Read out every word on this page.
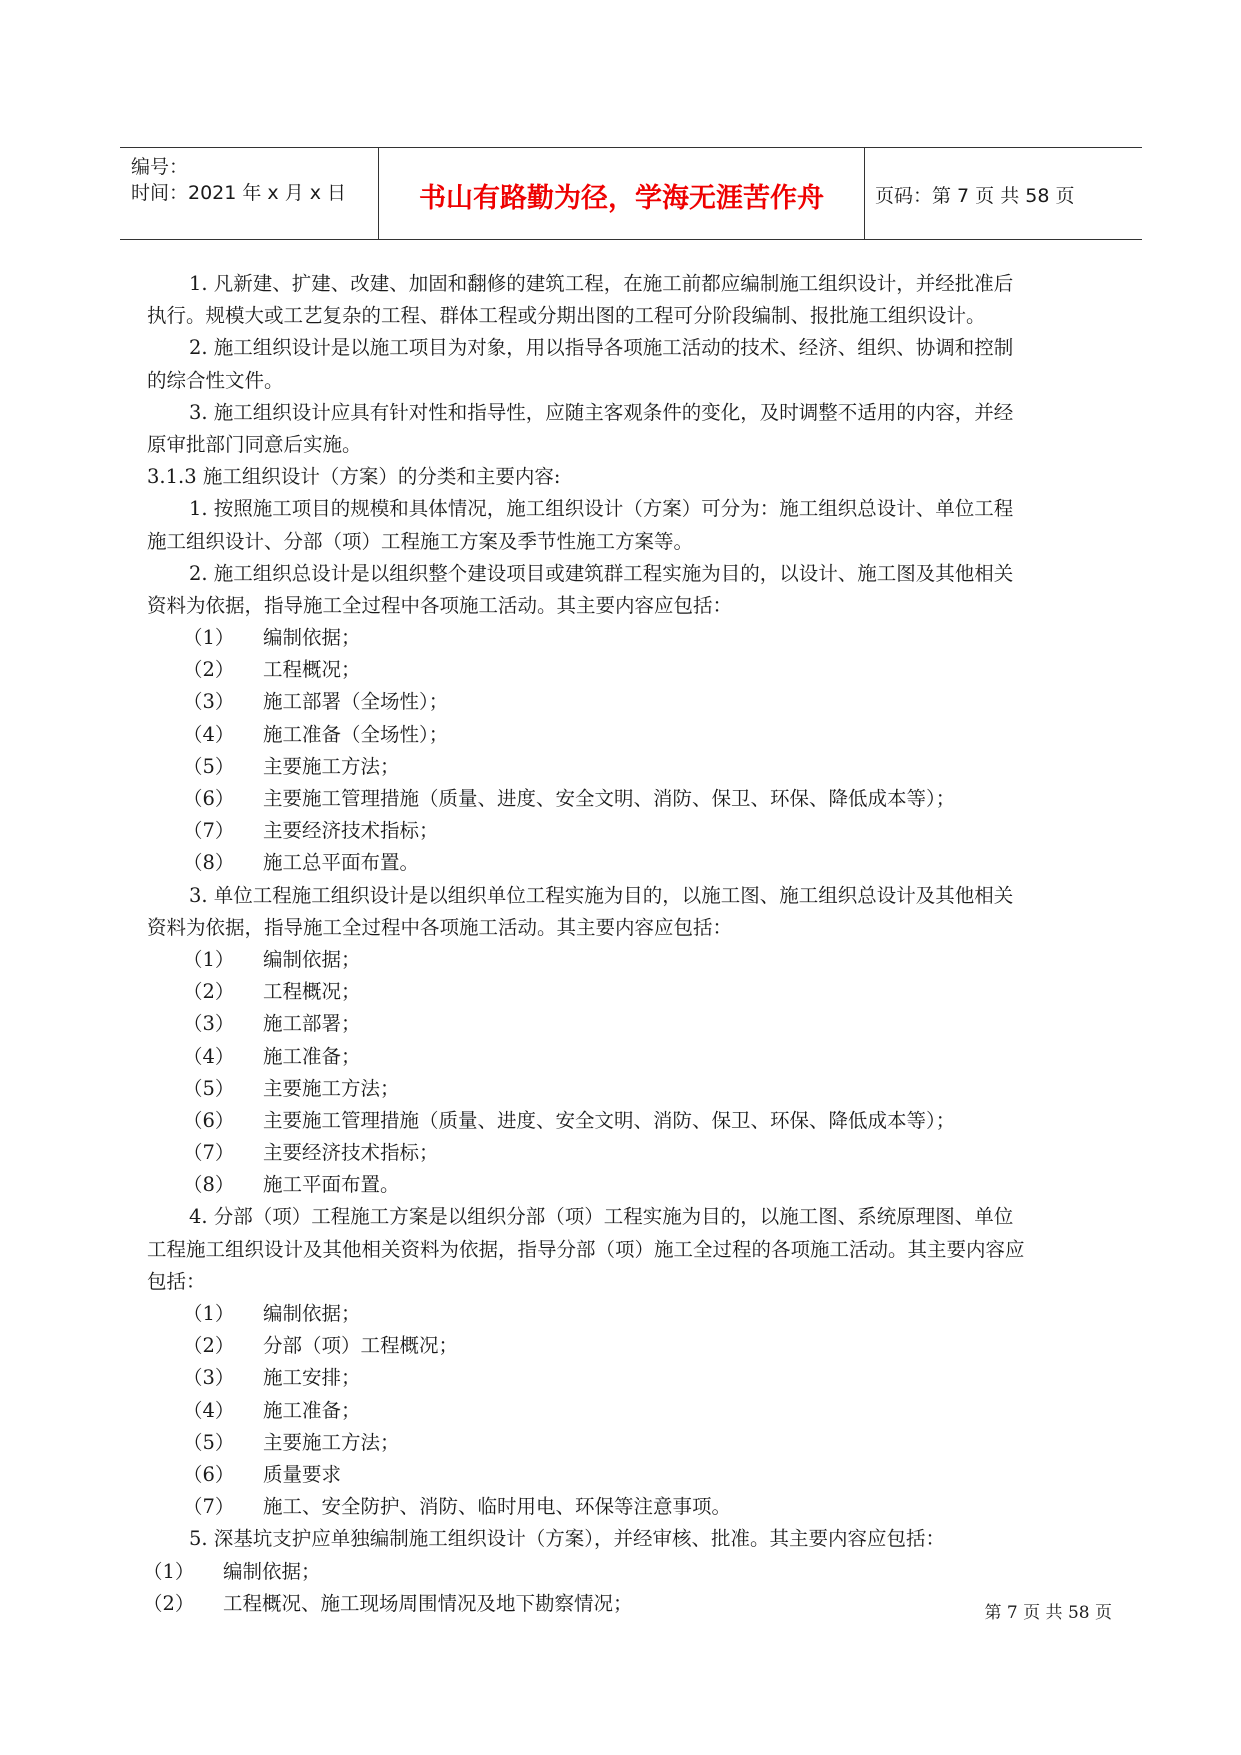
编号：
时间：2021 年 x 月 x 日	书山有路勤为径，学海无涯苦作舟	页码：第 7 页 共 58 页
1. 凡新建、扩建、改建、加固和翻修的建筑工程，在施工前都应编制施工组织设计，并经批准后
执行。规模大或工艺复杂的工程、群体工程或分期出图的工程可分阶段编制、报批施工组织设计。
2. 施工组织设计是以施工项目为对象，用以指导各项施工活动的技术、经济、组织、协调和控制
的综合性文件。
3. 施工组织设计应具有针对性和指导性，应随主客观条件的变化，及时调整不适用的内容，并经
原审批部门同意后实施。
3.1.3 施工组织设计（方案）的分类和主要内容:
1. 按照施工项目的规模和具体情况，施工组织设计（方案）可分为：施工组织总设计、单位工程
施工组织设计、分部（项）工程施工方案及季节性施工方案等。
2. 施工组织总设计是以组织整个建设项目或建筑群工程实施为目的，以设计、施工图及其他相关
资料为依据，指导施工全过程中各项施工活动。其主要内容应包括：
（1） 编制依据；
（2） 工程概况；
（3） 施工部署（全场性）；
（4） 施工准备（全场性）；
（5） 主要施工方法；
（6） 主要施工管理措施（质量、进度、安全文明、消防、保卫、环保、降低成本等）；
（7） 主要经济技术指标；
（8） 施工总平面布置。
3. 单位工程施工组织设计是以组织单位工程实施为目的，以施工图、施工组织总设计及其他相关
资料为依据，指导施工全过程中各项施工活动。其主要内容应包括：
（1） 编制依据；
（2） 工程概况；
（3） 施工部署；
（4） 施工准备；
（5） 主要施工方法；
（6） 主要施工管理措施（质量、进度、安全文明、消防、保卫、环保、降低成本等）；
（7） 主要经济技术指标；
（8） 施工平面布置。
4. 分部（项）工程施工方案是以组织分部（项）工程实施为目的，以施工图、系统原理图、单位
工程施工组织设计及其他相关资料为依据，指导分部（项）施工全过程的各项施工活动。其主要内容应
包括：
（1） 编制依据；
（2） 分部（项）工程概况；
（3） 施工安排；
（4） 施工准备；
（5） 主要施工方法；
（6） 质量要求
（7） 施工、安全防护、消防、临时用电、环保等注意事项。
5. 深基坑支护应单独编制施工组织设计（方案），并经审核、批准。其主要内容应包括：
（1） 编制依据；
（2） 工程概况、施工现场周围情况及地下勘察情况；	第 7 页 共 58 页
